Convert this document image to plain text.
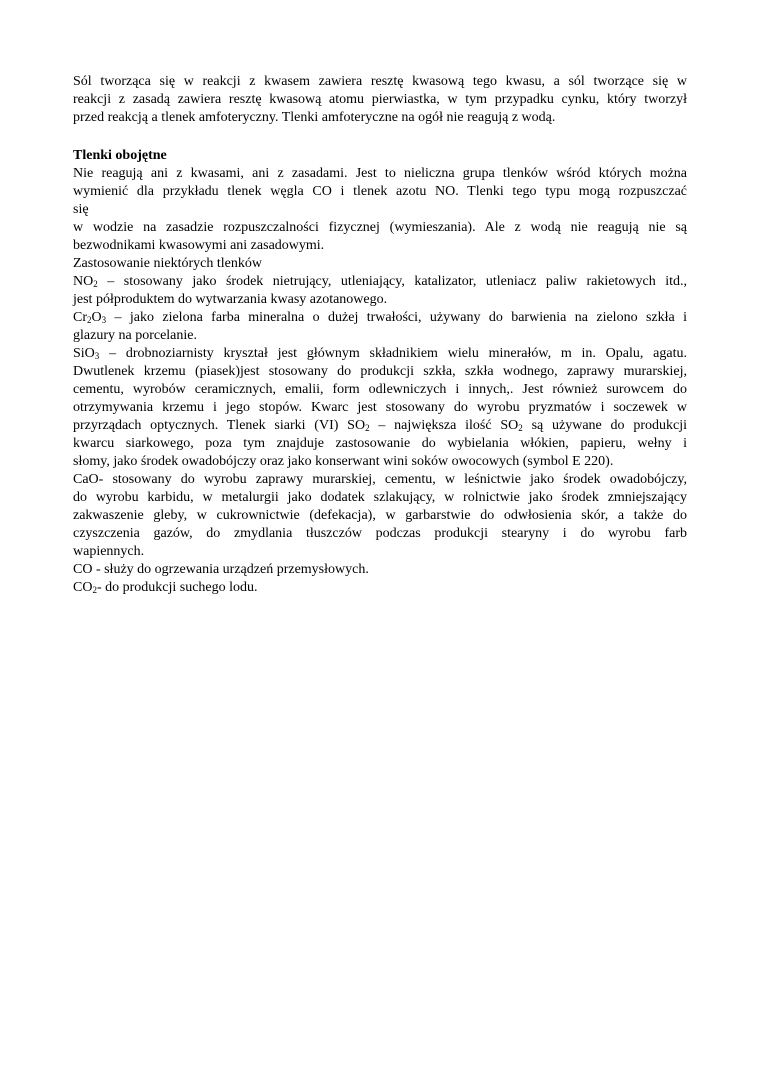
Sól tworząca się w reakcji z kwasem zawiera resztę kwasową tego kwasu, a sól tworzące się w
reakcji z zasadą zawiera resztę kwasową atomu pierwiastka, w tym przypadku cynku, który tworzył
przed reakcją a tlenek amfoteryczny. Tlenki amfoteryczne na ogół nie reagują z wodą.
Tlenki obojętne
Nie reagują ani z kwasami, ani z zasadami. Jest to nieliczna grupa tlenków wśród których można
wymienić dla przykładu tlenek węgla CO i tlenek azotu NO. Tlenki tego typu mogą rozpuszczać
się
w wodzie na zasadzie rozpuszczalności fizycznej (wymieszania). Ale z wodą nie reagują nie są
bezwodnikami kwasowymi ani zasadowymi.
Zastosowanie niektórych tlenków
$NO_2$ – stosowany jako środek nietrujący, utleniający, katalizator, utleniacz paliw rakietowych itd.,
jest półproduktem do wytwarzania kwasy azotanowego.
$Cr_2O_3$ – jako zielona farba mineralna o dużej trwałości, używany do barwienia na zielono szkła i
glazury na porcelanie.
SiO$_3$ – drobnoziarnisty kryształ jest głównym składnikiem wielu minerałów, m in. Opalu, agatu.
Dwutlenek krzemu (piasek)jest stosowany do produkcji szkła, szkła wodnego, zaprawy murarskiej,
cementu, wyrobów ceramicznych, emalii, form odlewniczych i innych,. Jest również surowcem do
otrzymywania krzemu i jego stopów. Kwarc jest stosowany do wyrobu pryzmatów i soczewek w
przyrządach optycznych. Tlenek siarki (VI) $SO_2$ – największa ilość $SO_2$ są używane do produkcji
kwarcu siarkowego, poza tym znajduje zastosowanie do wybielania włókien, papieru, wełny i
słomy, jako środek owadobójczy oraz jako konserwant wini soków owocowych (symbol E 220).
CaO- stosowany do wyrobu zaprawy murarskiej, cementu, w leśnictwie jako środek owadobójczy,
do wyrobu karbidu, w metalurgii jako dodatek szlakujący, w rolnictwie jako środek zmniejszający
zakwaszenie gleby, w cukrownictwie (defekacja), w garbarstwie do odwłosienia skór, a także do
czyszczenia gazów, do zmydlania tłuszczów podczas produkcji stearyny i do wyrobu farb
wapiennych.
CO - służy do ogrzewania urządzeń przemysłowych.
$CO_2-$ do produkcji suchego lodu.
